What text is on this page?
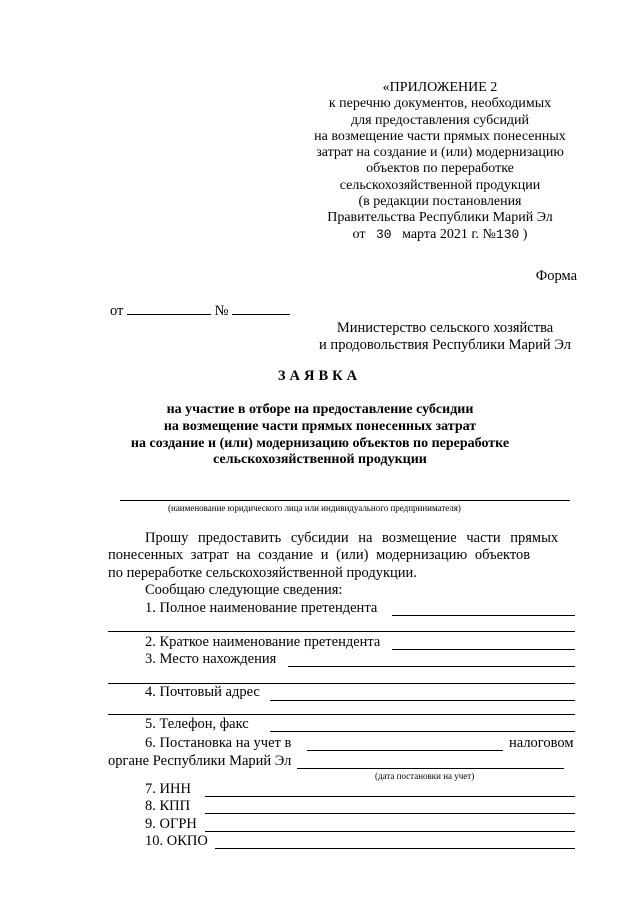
«ПРИЛОЖЕНИЕ 2
к перечню документов, необходимых
для предоставления субсидий
на возмещение части прямых понесенных
затрат на создание и (или) модернизацию
объектов по переработке
сельскохозяйственной продукции
(в редакции постановления
Правительства Республики Марий Эл
от 30 марта 2021 г. №130 )
Форма
от	№
Министерство сельского хозяйства
и продовольствия Республики Марий Эл
ЗАЯВКА
на участие в отборе на предоставление субсидии
на возмещение части прямых понесенных затрат
на создание и (или) модернизацию объектов по переработке
сельскохозяйственной продукции
(наименование юридического лица или индивидуального предпринимателя)
Прошу предоставить субсидии на возмещение части прямых
понесенных затрат на создание и (или) модернизацию объектов
по переработке сельскохозяйственной продукции.
Сообщаю следующие сведения:
1. Полное наименование претендента
2. Краткое наименование претендента
3. Место нахождения
4. Почтовый адрес
5. Телефон, факс
6. Постановка на учет в	налоговом
органе Республики Марий Эл
(дата постановки на учет)
7. ИНН
8. КПП
9. ОГРН
10. ОКПО
